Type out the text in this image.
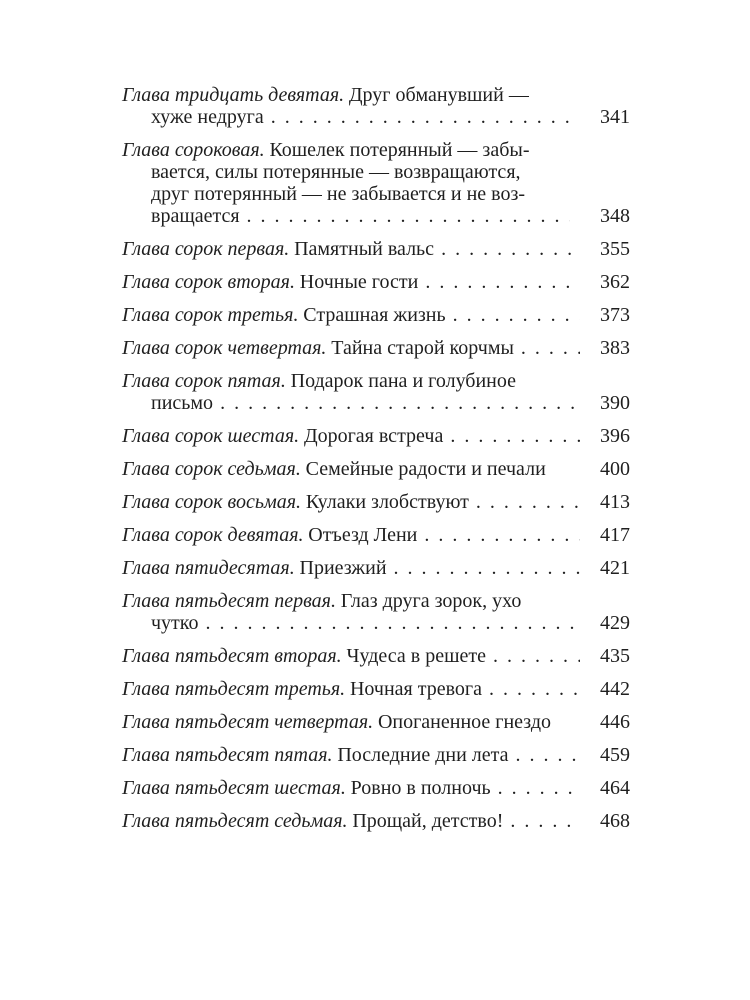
Глава тридцать девятая. Друг обманувший —
хуже недруга .....	341
Глава сороковая. Кошелек потерянный — забы-
вается, силы потерянные — возвращаются,
друг потерянный — не забывается и не воз-
вращается .....	348
Глава сорок первая. Памятный вальс .....	355
Глава сорок вторая. Ночные гости .....	362
Глава сорок третья. Страшная жизнь .....	373
Глава сорок четвертая. Тайна старой корчмы .....	383
Глава сорок пятая. Подарок пана и голубиное
письмо .....	390
Глава сорок шестая. Дорогая встреча .....	396
Глава сорок седьмая. Семейные радости и печали	400
Глава сорок восьмая. Кулаки злобствуют .....	413
Глава сорок девятая. Отъезд Лени .....	417
Глава пятидесятая. Приезжий .....	421
Глава пятьдесят первая. Глаз друга зорок, ухо
чутко .....	429
Глава пятьдесят вторая. Чудеса в решете .....	435
Глава пятьдесят третья. Ночная тревога .....	442
Глава пятьдесят четвертая. Опоганенное гнездо	446
Глава пятьдесят пятая. Последние дни лета .....	459
Глава пятьдесят шестая. Ровно в полночь .....	464
Глава пятьдесят седьмая. Прощай, детство! .....	468
